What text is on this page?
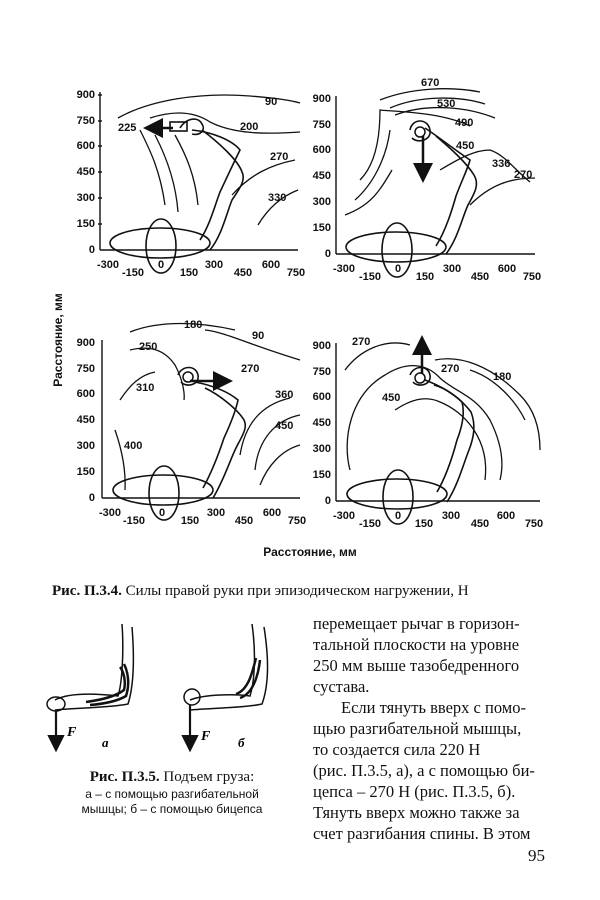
Расстояние, мм
900
750
600
450
300
150
0
-300
-150
0
150
300
450
600
750
90
200
225
270
330
900
750
600
450
300
150
0
-300
-150
0
150
300
450
600
750
670
530
490
450
336
270
900
750
600
450
300
150
0
-300
-150
0
150
300
450
600
750
180
90
250
270
310
360
450
400
900
750
600
450
300
150
0
-300
-150
0
150
300
450
600
750
270
270
180
450
Расстояние, мм
Рис. П.3.4. Силы правой руки при эпизодическом нагружении, Н
F
а	F б
Рис. П.3.5. Подъем груза:
а – с помощью разгибательной
мышцы; б – с помощью бицепса
перемещает рычаг в горизон-
тальной плоскости на уровне
250 мм выше тазобедренного
сустава.
Если тянуть вверх с помо-
щью разгибательной мышцы,
то создается сила 220 Н
(рис. П.3.5, а), а с помощью би-
цепса – 270 Н (рис. П.3.5, б).
Тянуть вверх можно также за
счет разгибания спины. В этом
95
